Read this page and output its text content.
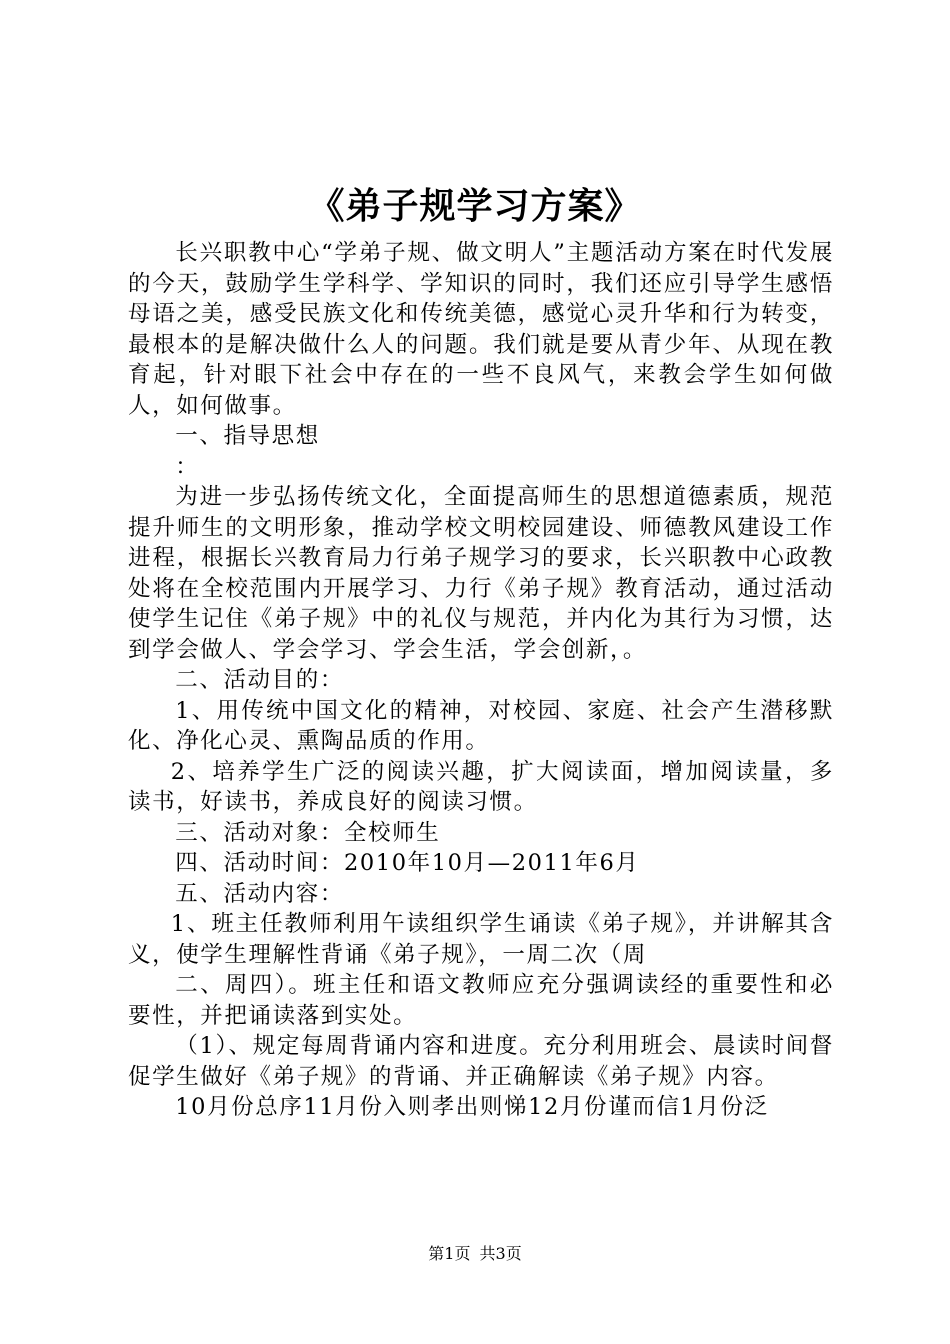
《弟子规学习方案》

长兴职教中心“学弟子规、做文明人”主题活动方案在时代发展的今天，鼓励学生学科学、学知识的同时，我们还应引导学生感悟母语之美，感受民族文化和传统美德，感觉心灵升华和行为转变，最根本的是解决做什么人的问题。我们就是要从青少年、从现在教育起，针对眼下社会中存在的一些不良风气，来教会学生如何做人，如何做事。

一、指导思想

：

为进一步弘扬传统文化，全面提高师生的思想道德素质，规范提升师生的文明形象，推动学校文明校园建设、师德教风建设工作进程，根据长兴教育局力行弟子规学习的要求，长兴职教中心政教处将在全校范围内开展学习、力行《弟子规》教育活动，通过活动使学生记住《弟子规》中的礼仪与规范，并内化为其行为习惯，达到学会做人、学会学习、学会生活，学会创新，。

二、活动目的：

1、用传统中国文化的精神，对校园、家庭、社会产生潜移默化、净化心灵、熏陶品质的作用。

2、培养学生广泛的阅读兴趣，扩大阅读面，增加阅读量，多读书，好读书，养成良好的阅读习惯。

三、活动对象：全校师生

四、活动时间：2010年10月—2011年6月

五、活动内容：

1、班主任教师利用午读组织学生诵读《弟子规》，并讲解其含义，使学生理解性背诵《弟子规》，一周二次（周

二、周四）。班主任和语文教师应充分强调读经的重要性和必要性，并把诵读落到实处。

（1）、规定每周背诵内容和进度。充分利用班会、晨读时间督促学生做好《弟子规》的背诵、并正确解读《弟子规》内容。

10月份总序11月份入则孝出则悌12月份谨而信1月份泛

第1页 共3页
